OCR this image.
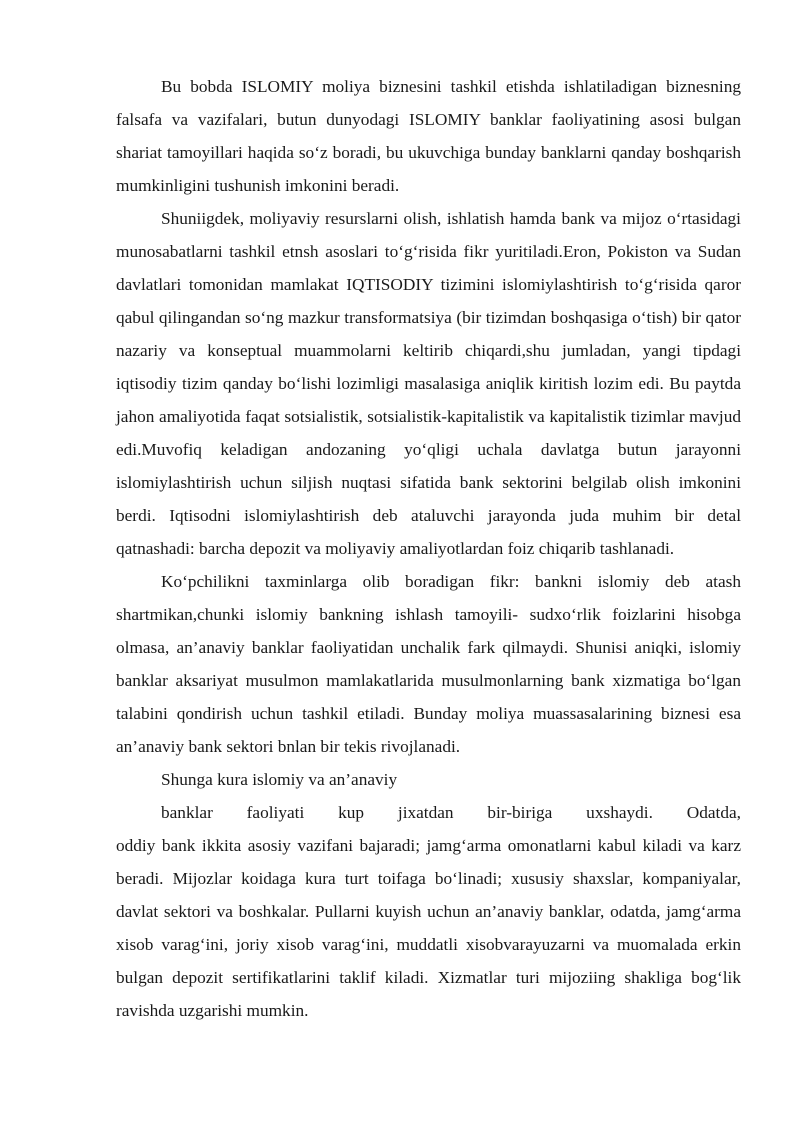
Bu bobda ISLOMIY moliya biznesini tashkil etishda ishlatiladigan biznesning falsafa va vazifalari, butun dunyodagi ISLOMIY banklar faoliyatining asosi bulgan shariat tamoyillari haqida so‘z boradi, bu ukuvchiga bunday banklarni qanday boshqarish mumkinligini tushunish imkonini beradi.

Shuniigdek, moliyaviy resurslarni olish, ishlatish hamda bank va mijoz o‘rtasidagi munosabatlarni tashkil etnsh asoslari to‘g‘risida fikr yuritiladi.Eron, Pokiston va Sudan davlatlari tomonidan mamlakat IQTISODIY tizimini islomiylashtirish to‘g‘risida qaror qabul qilingandan so‘ng mazkur transformatsiya (bir tizimdan boshqasiga o‘tish) bir qator nazariy va konseptual muammolarni keltirib chiqardi,shu jumladan, yangi tipdagi iqtisodiy tizim qanday bo‘lishi lozimligi masalasiga aniqlik kiritish lozim edi. Bu paytda jahon amaliyotida faqat sotsialistik, sotsialistik-kapitalistik va kapitalistik tizimlar mavjud edi.Muvofiq keladigan andozaning yo‘qligi uchala davlatga butun jarayonni islomiylashtirish uchun siljish nuqtasi sifatida bank sektorini belgilab olish imkonini berdi. Iqtisodni islomiylashtirish deb ataluvchi jarayonda juda muhim bir detal qatnashadi: barcha depozit va moliyaviy amaliyotlardan foiz chiqarib tashlanadi.

Ko‘pchilikni taxminlarga olib boradigan fikr: bankni islomiy deb atash shartmikan,chunki islomiy bankning ishlash tamoyili- sudxo‘rlik foizlarini hisobga olmasa, an’anaviy banklar faoliyatidan unchalik fark qilmaydi. Shunisi aniqki, islomiy banklar aksariyat musulmon mamlakatlarida musulmonlarning bank xizmatiga bo‘lgan talabini qondirish uchun tashkil etiladi. Bunday moliya muassasalarining biznesi esa an’anaviy bank sektori bnlan bir tekis rivojlanadi.

Shunga kura islomiy va an’anaviy

banklar faoliyati kup jixatdan bir-biriga uxshaydi. Odatda,

oddiy bank ikkita asosiy vazifani bajaradi; jamg‘arma omonatlarni kabul kiladi va karz beradi. Mijozlar koidaga kura turt toifaga bo‘linadi; xususiy shaxslar, kompaniyalar, davlat sektori va boshkalar. Pullarni kuyish uchun an’anaviy banklar, odatda, jamg‘arma xisob varag‘ini, joriy xisob varag‘ini, muddatli xisobvarayuzarni va muomalada erkin bulgan depozit sertifikatlarini taklif kiladi. Xizmatlar turi mijoziing shakliga bog‘lik ravishda uzgarishi mumkin.
